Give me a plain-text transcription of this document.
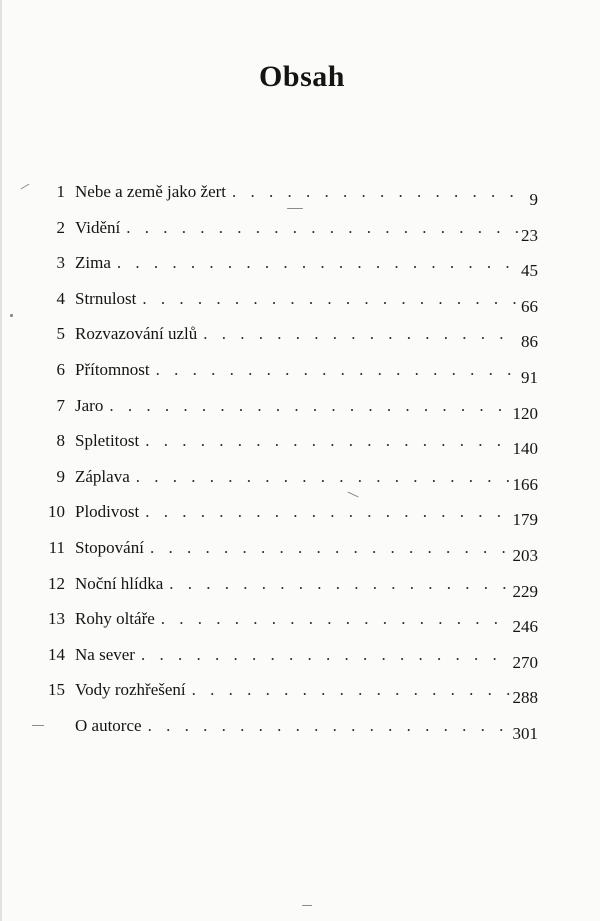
Obsah
1 Nebe a země jako žert . . .	9
2 Vidění . . .	23
3 Zima . . .	45
4 Strnulost . . .	66
5 Rozvazování uzlů . . .	86
6 Přítomnost . . .	91
7 Jaro . . .	120
8 Spletitost . . .	140
9 Záplava . . .	166
10 Plodivost . . .	179
11 Stopování . . .	203
12 Noční hlídka . . .	229
13 Rohy oltáře . . .	246
14 Na sever . . .	270
15 Vody rozhřešení . . .	288
O autorce . . .	301
